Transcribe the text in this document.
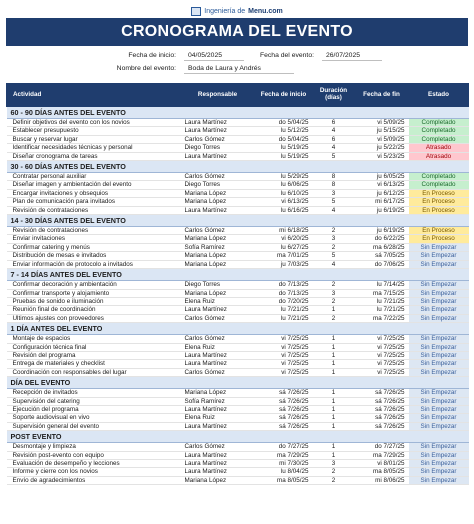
Ingeniería de Menu.com
CRONOGRAMA DEL EVENTO
Fecha de inicio:	04/05/2025	Fecha del evento:	26/07/2025
Nombre del evento:	Boda de Laura y Andrés
Actividad	Responsable	Fecha de inicio	Duración (días)	Fecha de fin	Estado
60 - 90 DÍAS ANTES DEL EVENTO					
Definir objetivos del evento con los novios	Laura Martínez	do 5/04/25	6	vi 5/09/25	Completado
Establecer presupuesto	Laura Martínez	lu 5/12/25	4	ju 5/15/25	Completado
Buscar y reservar lugar	Carlos Gómez	do 5/04/25	6	vi 5/09/25	Completado
Identificar necesidades técnicas y personal	Diego Torres	lu 5/19/25	4	ju 5/22/25	Atrasado
Diseñar cronograma de tareas	Laura Martínez	lu 5/19/25	5	vi 5/23/25	Atrasado
30 - 60 DÍAS ANTES DEL EVENTO					
Contratar personal auxiliar	Carlos Gómez	lu 5/29/25	8	ju 6/05/25	Completado
Diseñar imagen y ambientación del evento	Diego Torres	lu 6/06/25	8	vi 6/13/25	Completado
Encargar invitaciones y obsequios	Mariana López	lu 6/10/25	3	ju 6/12/25	En Proceso
Plan de comunicación para invitados	Mariana López	vi 6/13/25	5	mi 6/17/25	En Proceso
Revisión de contrataciones	Laura Martínez	lu 6/16/25	4	ju 6/19/25	En Proceso
14 - 30 DÍAS ANTES DEL EVENTO					
Revisión de contrataciones	Carlos Gómez	mi 6/18/25	2	ju 6/19/25	En Proceso
Enviar invitaciones	Mariana López	vi 6/20/25	3	do 6/22/25	En Proceso
Confirmar catering y menús	Sofía Ramírez	lu 6/27/25	2	ma 6/28/25	Sin Empezar
Distribución de mesas e invitados	Mariana López	ma 7/01/25	5	sá 7/05/25	Sin Empezar
Enviar información de protocolo a invitados	Mariana López	ju 7/03/25	4	do 7/06/25	Sin Empezar
7 - 14 DÍAS ANTES DEL EVENTO					
Confirmar decoración y ambientación	Diego Torres	do 7/13/25	2	lu 7/14/25	Sin Empezar
Confirmar transporte y alojamiento	Mariana López	do 7/13/25	3	ma 7/15/25	Sin Empezar
Pruebas de sonido e iluminación	Elena Ruiz	do 7/20/25	2	lu 7/21/25	Sin Empezar
Reunión final de coordinación	Laura Martínez	lu 7/21/25	1	lu 7/21/25	Sin Empezar
Últimos ajustes con proveedores	Carlos Gómez	lu 7/21/25	2	ma 7/22/25	Sin Empezar
1 DÍA ANTES DEL EVENTO					
Montaje de espacios	Carlos Gómez	vi 7/25/25	1	vi 7/25/25	Sin Empezar
Configuración técnica final	Elena Ruiz	vi 7/25/25	1	vi 7/25/25	Sin Empezar
Revisión del programa	Laura Martínez	vi 7/25/25	1	vi 7/25/25	Sin Empezar
Entrega de materiales y checklist	Laura Martínez	vi 7/25/25	1	vi 7/25/25	Sin Empezar
Coordinación con responsables del lugar	Carlos Gómez	vi 7/25/25	1	vi 7/25/25	Sin Empezar
DÍA DEL EVENTO					
Recepción de invitados	Mariana López	sá 7/26/25	1	sá 7/26/25	Sin Empezar
Supervisión del catering	Sofía Ramírez	sá 7/26/25	1	sá 7/26/25	Sin Empezar
Ejecución del programa	Laura Martínez	sá 7/26/25	1	sá 7/26/25	Sin Empezar
Soporte audiovisual en vivo	Elena Ruiz	sá 7/26/25	1	sá 7/26/25	Sin Empezar
Supervisión general del evento	Laura Martínez	sá 7/26/25	1	sá 7/26/25	Sin Empezar
POST EVENTO					
Desmontaje y limpieza	Carlos Gómez	do 7/27/25	1	do 7/27/25	Sin Empezar
Revisión post-evento con equipo	Laura Martínez	ma 7/29/25	1	ma 7/29/25	Sin Empezar
Evaluación de desempeño y lecciones	Laura Martínez	mi 7/30/25	3	vi 8/01/25	Sin Empezar
Informe y cierre con los novios	Laura Martínez	lu 8/04/25	2	ma 8/05/25	Sin Empezar
Envío de agradecimientos	Mariana López	ma 8/05/25	2	mi 8/06/25	Sin Empezar
